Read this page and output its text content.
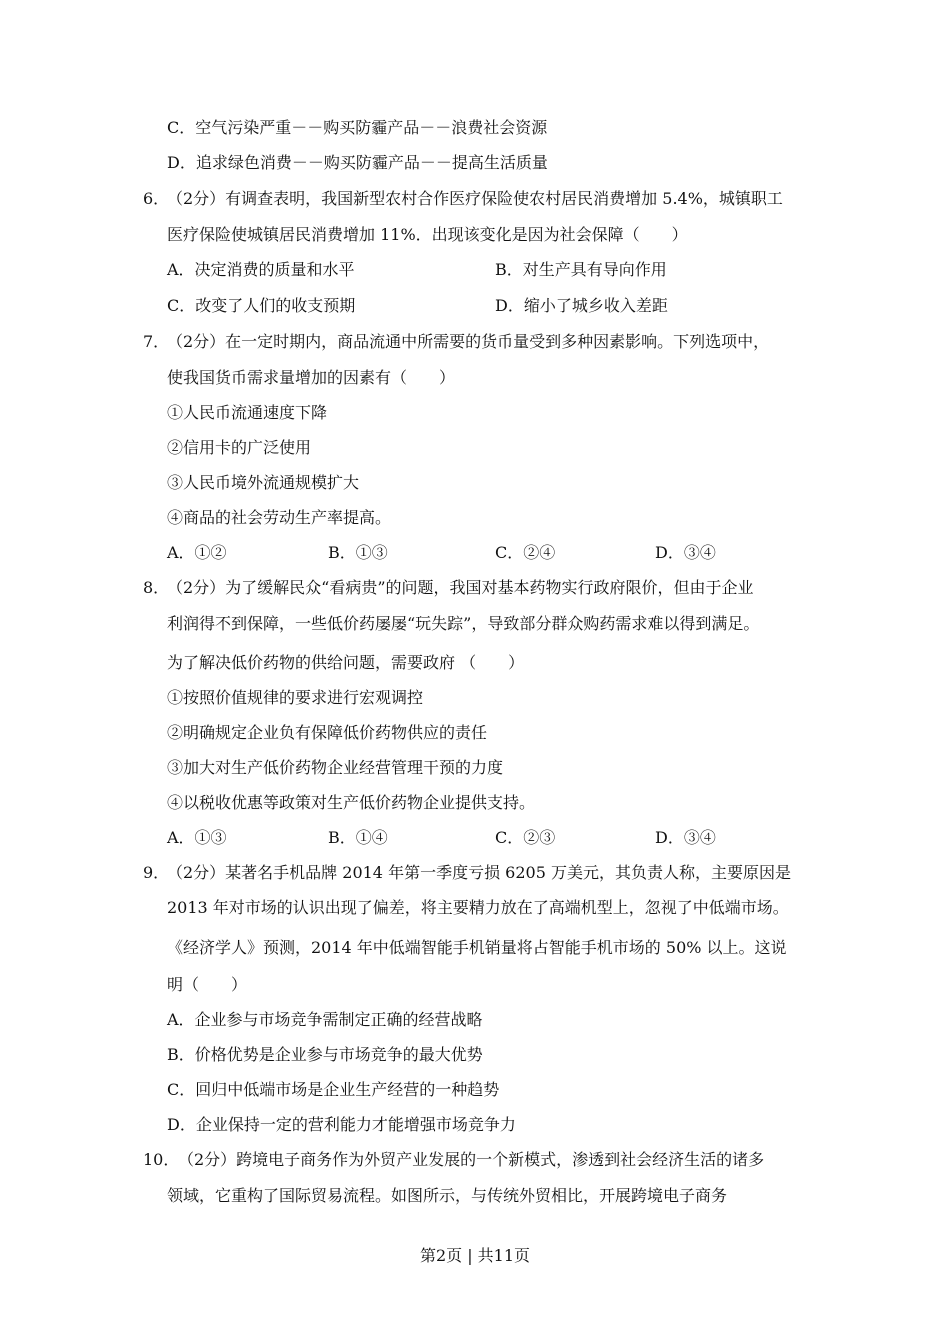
C．空气污染严重－－购买防霾产品－－浪费社会资源
D．追求绿色消费－－购买防霾产品－－提高生活质量
6．
（2分）有调查表明，我国新型农村合作医疗保险使农村居民消费增加 5.4%，城镇职工
医疗保险使城镇居民消费增加 11%．出现该变化是因为社会保障（　　）
A．决定消费的质量和水平	B．对生产具有导向作用
C．改变了人们的收支预期	D．缩小了城乡收入差距
7．
（2分）在一定时期内，商品流通中所需要的货币量受到多种因素影响。下列选项中，
使我国货币需求量增加的因素有（　　）
①人民币流通速度下降
②信用卡的广泛使用
③人民币境外流通规模扩大
④商品的社会劳动生产率提高。
A．①②	B．①③	C．②④	D．③④
8．
（2分）为了缓解民众“看病贵”的问题，我国对基本药物实行政府限价，但由于企业
利润得不到保障，一些低价药屡屡“玩失踪”，导致部分群众购药需求难以得到满足。
为了解决低价药物的供给问题，需要政府 （　　）
①按照价值规律的要求进行宏观调控
②明确规定企业负有保障低价药物供应的责任
③加大对生产低价药物企业经营管理干预的力度
④以税收优惠等政策对生产低价药物企业提供支持。
A．①③	B．①④	C．②③	D．③④
9．
（2分）某著名手机品牌 2014 年第一季度亏损 6205 万美元，其负责人称，主要原因是
2013 年对市场的认识出现了偏差，将主要精力放在了高端机型上，忽视了中低端市场。
《经济学人》预测，2014 年中低端智能手机销量将占智能手机市场的 50% 以上。这说
明（　　）
A．企业参与市场竞争需制定正确的经营战略
B．价格优势是企业参与市场竞争的最大优势
C．回归中低端市场是企业生产经营的一种趋势
D．企业保持一定的营利能力才能增强市场竞争力
10．
（2分）跨境电子商务作为外贸产业发展的一个新模式，渗透到社会经济生活的诸多
领域，它重构了国际贸易流程。如图所示，与传统外贸相比，开展跨境电子商务
第2页 | 共11页
